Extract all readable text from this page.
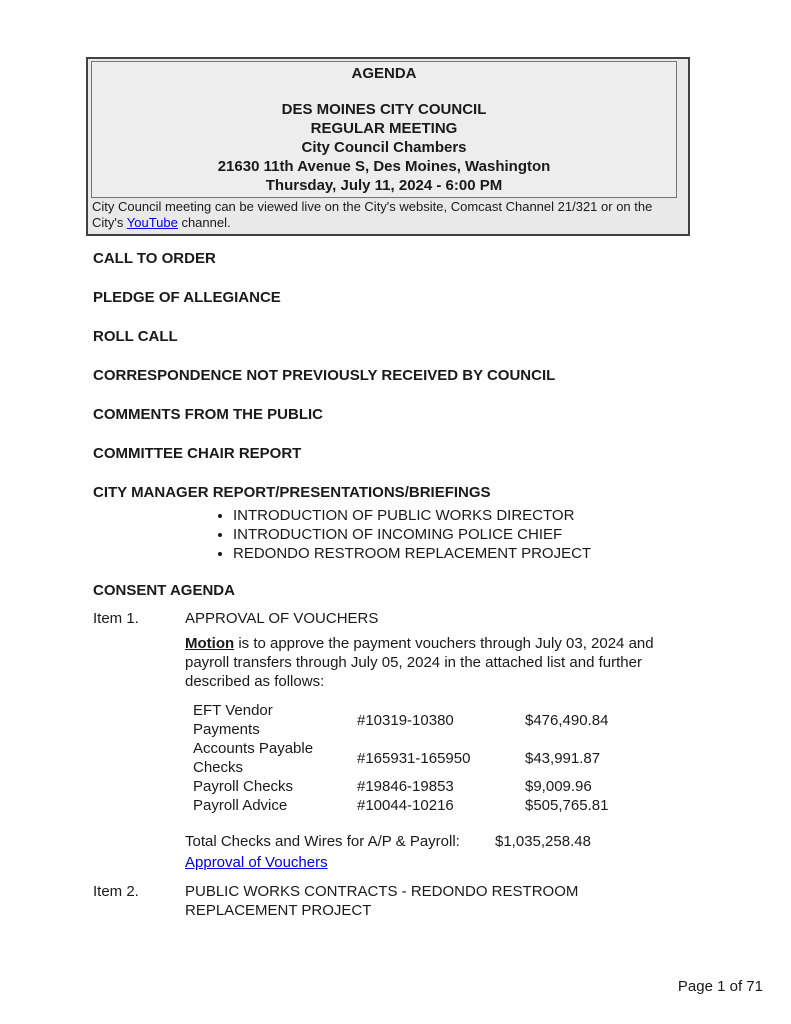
AGENDA
DES MOINES CITY COUNCIL
REGULAR MEETING
City Council Chambers
21630 11th Avenue S, Des Moines, Washington
Thursday, July 11, 2024 - 6:00 PM
City Council meeting can be viewed live on the City's website, Comcast Channel 21/321 or on the
City's YouTube channel.
CALL TO ORDER
PLEDGE OF ALLEGIANCE
ROLL CALL
CORRESPONDENCE NOT PREVIOUSLY RECEIVED BY COUNCIL
COMMENTS FROM THE PUBLIC
COMMITTEE CHAIR REPORT
CITY MANAGER REPORT/PRESENTATIONS/BRIEFINGS
• INTRODUCTION OF PUBLIC WORKS DIRECTOR
• INTRODUCTION OF INCOMING POLICE CHIEF
• REDONDO RESTROOM REPLACEMENT PROJECT
CONSENT AGENDA
Item 1.	APPROVAL OF VOUCHERS
Motion is to approve the payment vouchers through July 03, 2024 and
payroll transfers through July 05, 2024 in the attached list and further
described as follows:
EFT Vendor
Payments
	#10319-10380	$476,490.84

Accounts Payable
Checks
	#165931-165950	$43,991.87

Payroll Checks	#19846-19853	$9,009.96

Payroll Advice	#10044-10216	$505,765.81
Total Checks and Wires for A/P & Payroll: $1,035,258.48
Approval of Vouchers
Item 2.	PUBLIC WORKS CONTRACTS - REDONDO RESTROOM
REPLACEMENT PROJECT
Page 1 of 71
